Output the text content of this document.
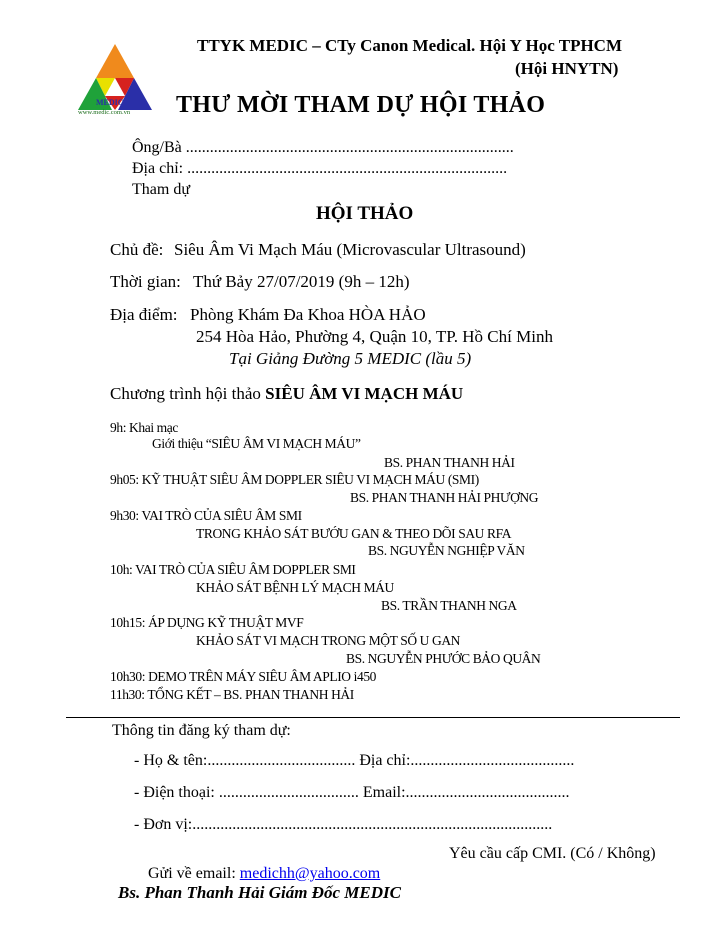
MEDIC
www.medic.com.vn
TTYK MEDIC – CTy Canon Medical. Hội Y Học TPHCM
(Hội HNYTN)
THƯ MỜI THAM DỰ HỘI THẢO
Ông/Bà ..................................................................................
Địa chỉ: ................................................................................
Tham dự
HỘI THẢO
Chủ đề: Siêu Âm Vi Mạch Máu (Microvascular Ultrasound)
Thời gian: Thứ Bảy 27/07/2019 (9h – 12h)
Địa điểm: Phòng Khám Đa Khoa HÒA HẢO
254 Hòa Hảo, Phường 4, Quận 10, TP. Hồ Chí Minh
Tại Giảng Đường 5 MEDIC (lầu 5)
Chương trình hội thảo SIÊU ÂM VI MẠCH MÁU
9h: Khai mạc
Giới thiệu “SIÊU ÂM VI MẠCH MÁU”
BS. PHAN THANH HẢI
9h05: KỸ THUẬT SIÊU ÂM DOPPLER SIÊU VI MẠCH MÁU (SMI)
BS. PHAN THANH HẢI PHƯỢNG
9h30: VAI TRÒ CỦA SIÊU ÂM SMI
TRONG KHẢO SÁT BƯỚU GAN & THEO DÕI SAU RFA
BS. NGUYỄN NGHIỆP VĂN
10h: VAI TRÒ CỦA SIÊU ÂM DOPPLER SMI
KHẢO SÁT BỆNH LÝ MẠCH MÁU
BS. TRẦN THANH NGA
10h15: ÁP DỤNG KỸ THUẬT MVF
KHẢO SÁT VI MẠCH TRONG MỘT SỐ U GAN
BS. NGUYỄN PHƯỚC BẢO QUÂN
10h30: DEMO TRÊN MÁY SIÊU ÂM APLIO i450
11h30: TỔNG KẾT – BS. PHAN THANH HẢI
Thông tin đăng ký tham dự:
- Họ & tên:..................................... Địa chỉ:.........................................
- Điện thoại: ................................... Email:.........................................
- Đơn vị:..........................................................................................
Yêu cầu cấp CMI. (Có / Không)
Gửi về email: medichh@yahoo.com
Bs. Phan Thanh Hải Giám Đốc MEDIC
